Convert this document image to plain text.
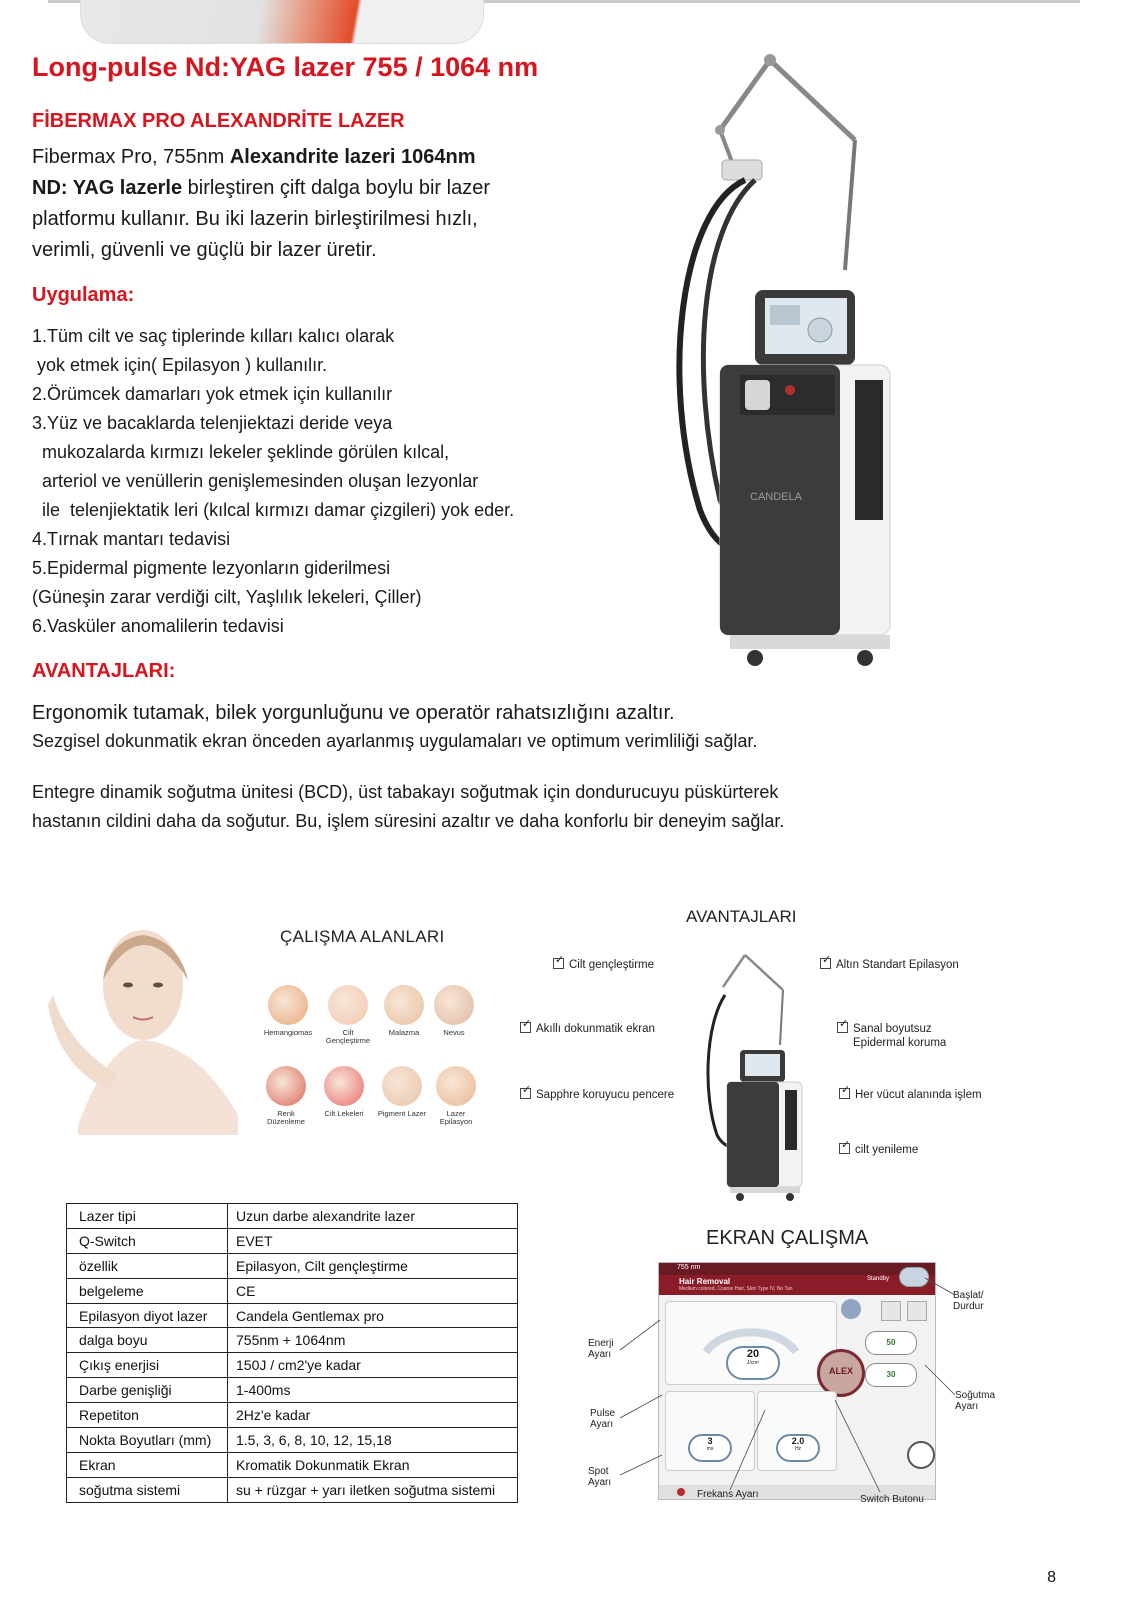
Long-pulse Nd:YAG lazer 755 / 1064 nm
FİBERMAX PRO ALEXANDRİTE LAZER
Fibermax Pro, 755nm Alexandrite lazeri 1064nm
ND: YAG lazerle birleştiren çift dalga boylu bir lazer
platformu kullanır. Bu iki lazerin birleştirilmesi hızlı,
verimli, güvenli ve güçlü bir lazer üretir.
Uygulama:
1.Tüm cilt ve saç tiplerinde kılları kalıcı olarak
yok etmek için( Epilasyon ) kullanılır.
2.Örümcek damarları yok etmek için kullanılır
3.Yüz ve bacaklarda telenjiektazi deride veya
mukozalarda kırmızı lekeler şeklinde görülen kılcal,
arteriol ve venüllerin genişlemesinden oluşan lezyonlar
ile  telenjiektatik leri (kılcal kırmızı damar çizgileri) yok eder.
4.Tırnak mantarı tedavisi
5.Epidermal pigmente lezyonların giderilmesi
(Güneşin zarar verdiği cilt, Yaşlılık lekeleri, Çiller)
6.Vasküler anomalilerin tedavisi
AVANTAJLARI:
Ergonomik tutamak, bilek yorgunluğunu ve operatör rahatsızlığını azaltır.
Sezgisel dokunmatik ekran önceden ayarlanmış uygulamaları ve optimum verimliliği sağlar.
Entegre dinamik soğutma ünitesi (BCD), üst tabakayı soğutmak için dondurucuyu püskürterek
hastanın cildini daha da soğutur. Bu, işlem süresini azaltır ve daha konforlu bir deneyim sağlar.
CANDELA
ÇALIŞMA ALANLARI
Hemangiomas	Cilt Gençleştirme
Malazma	Nevus
Renk Düzenleme
Cilt Lekeleri	Pigment Lazer	Lazer Epilasyon
AVANTAJLARI
✓Cilt gençleştirme
✓Akıllı dokunmatik ekran
✓Sapphre koruyucu pencere
✓Altın Standart Epilasyon
✓Sanal boyutsuz
Epidermal koruma
✓Her vücut alanında işlem
✓cilt yenileme
Lazer tipi	Uzun darbe alexandrite lazer
Q-Switch	EVET
özellik	Epilasyon, Cilt gençleştirme
belgeleme	CE
Epilasyon diyot lazer	Candela Gentlemax pro
dalga boyu	755nm + 1064nm
Çıkış enerjisi	150J / cm2'ye kadar
Darbe genişliği	1-400ms
Repetiton	2Hz'e kadar
Nokta Boyutları (mm)	1.5, 3, 6, 8, 10, 12, 15,18
Ekran	Kromatik Dokunmatik Ekran
soğutma sistemi	su + rüzgar + yarı iletken soğutma sistemi
EKRAN ÇALIŞMA
755 nm
Hair Removal
Medium colored, Coarse Hair, Skin Type IV, No Tan
Standby
20
J/cm²
50
30
ALEX
3
ms
2.0
Hz
Başlat/
Durdur
Enerji
Ayarı
Soğutma
Ayarı
Pulse
Ayarı
Spot
Ayarı
Frekans Ayarı	Switch Butonu
8
